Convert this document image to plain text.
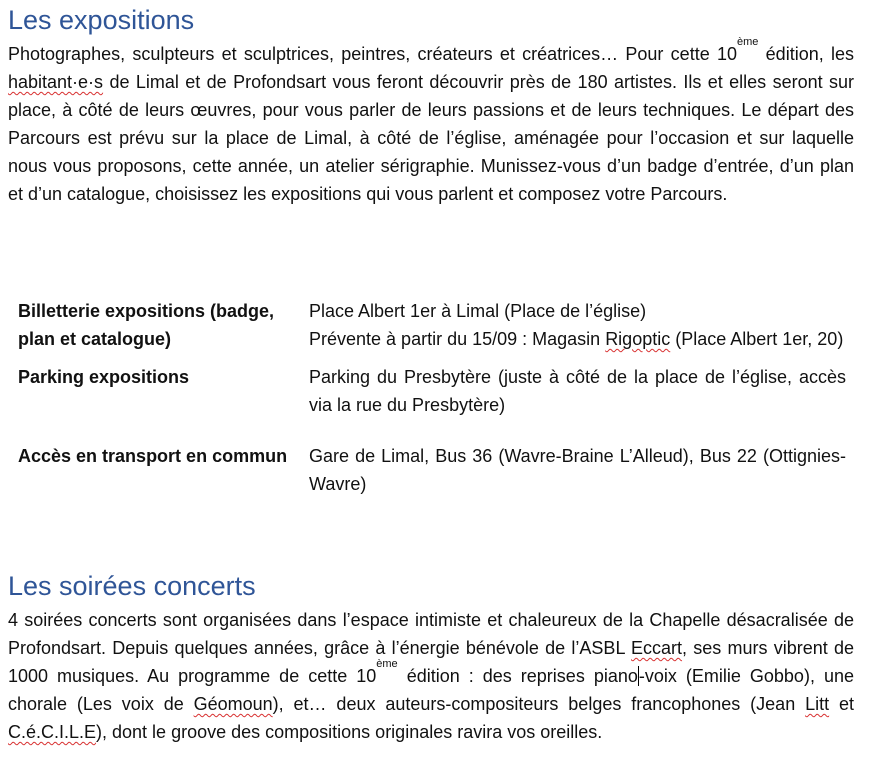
Les expositions

Photographes, sculpteurs et sculptrices, peintres, créateurs et créatrices… Pour cette 10ème édition, les habitant·e·s de Limal et de Profondsart vous feront découvrir près de 180 artistes. Ils et elles seront sur place, à côté de leurs œuvres, pour vous parler de leurs passions et de leurs techniques. Le départ des Parcours est prévu sur la place de Limal, à côté de l’église, aménagée pour l’occasion et sur laquelle nous vous proposons, cette année, un atelier sérigraphie. Munissez-vous d’un badge d’entrée, d’un plan et d’un catalogue, choisissez les expositions qui vous parlent et composez votre Parcours.

Billetterie expositions (badge, plan et catalogue)	Place Albert 1er à Limal (Place de l’église)
Prévente à partir du 15/09 : Magasin Rigoptic (Place Albert 1er, 20)

Parking expositions	Parking du Presbytère (juste à côté de la place de l’église, accès via la rue du Presbytère)
Accès en transport en commun	Gare de Limal, Bus 36 (Wavre-Braine L’Alleud), Bus 22 (Ottignies-Wavre)
Les soirées concerts

4 soirées concerts sont organisées dans l’espace intimiste et chaleureux de la Chapelle désacralisée de Profondsart. Depuis quelques années, grâce à l’énergie bénévole de l’ASBL Eccart, ses murs vibrent de 1000 musiques. Au programme de cette 10ème édition : des reprises piano-voix (Emilie Gobbo), une chorale (Les voix de Géomoun), et… deux auteurs-compositeurs belges francophones (Jean Litt et C.é.C.I.L.E), dont le groove des compositions originales ravira vos oreilles.
